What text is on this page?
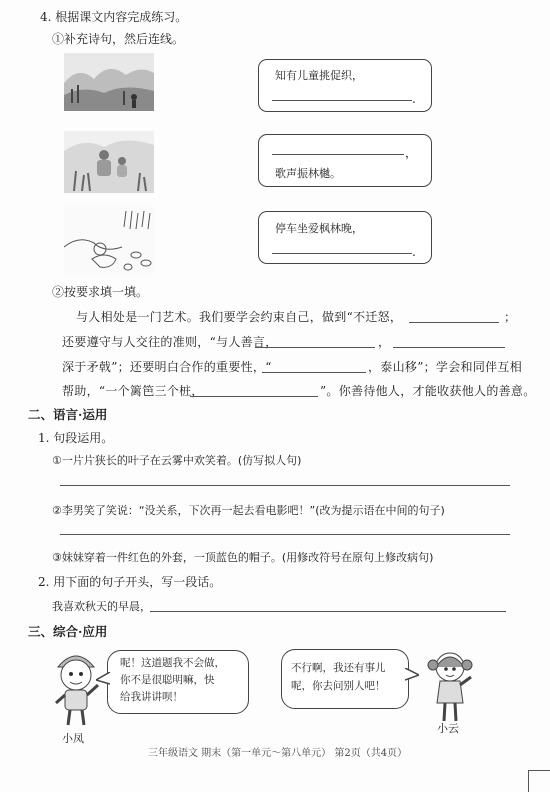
4. 根据课文内容完成练习。
①补充诗句，然后连线。
知有儿童挑促织，
.
，
歌声振林樾。
停车坐爱枫林晚，
.
②按要求填一填。
与人相处是一门艺术。我们要学会约束自己，做到“不迁怒，	；
还要遵守与人交往的准则，“与人善言，	，
深于矛戟”；还要明白合作的重要性，“	，泰山移”；学会和同伴互相
帮助，“一个篱笆三个桩，	”。你善待他人，才能收获他人的善意。
二、语言·运用
1. 句段运用。
①一片片狭长的叶子在云雾中欢笑着。(仿写拟人句)
②李男笑了笑说：“没关系，下次再一起去看电影吧！”(改为提示语在中间的句子)
③妹妹穿着一件红色的外套，一顶蓝色的帽子。(用修改符号在原句上修改病句)
2. 用下面的句子开头，写一段话。
我喜欢秋天的早晨，
三、综合·应用
小凤
呢！这道题我不会做，
你不是很聪明嘛，快
给我讲讲呗！
不行啊，我还有事儿
呢，你去问别人吧！
小云
三年级语文 期末（第一单元～第八单元） 第2页（共4页）
